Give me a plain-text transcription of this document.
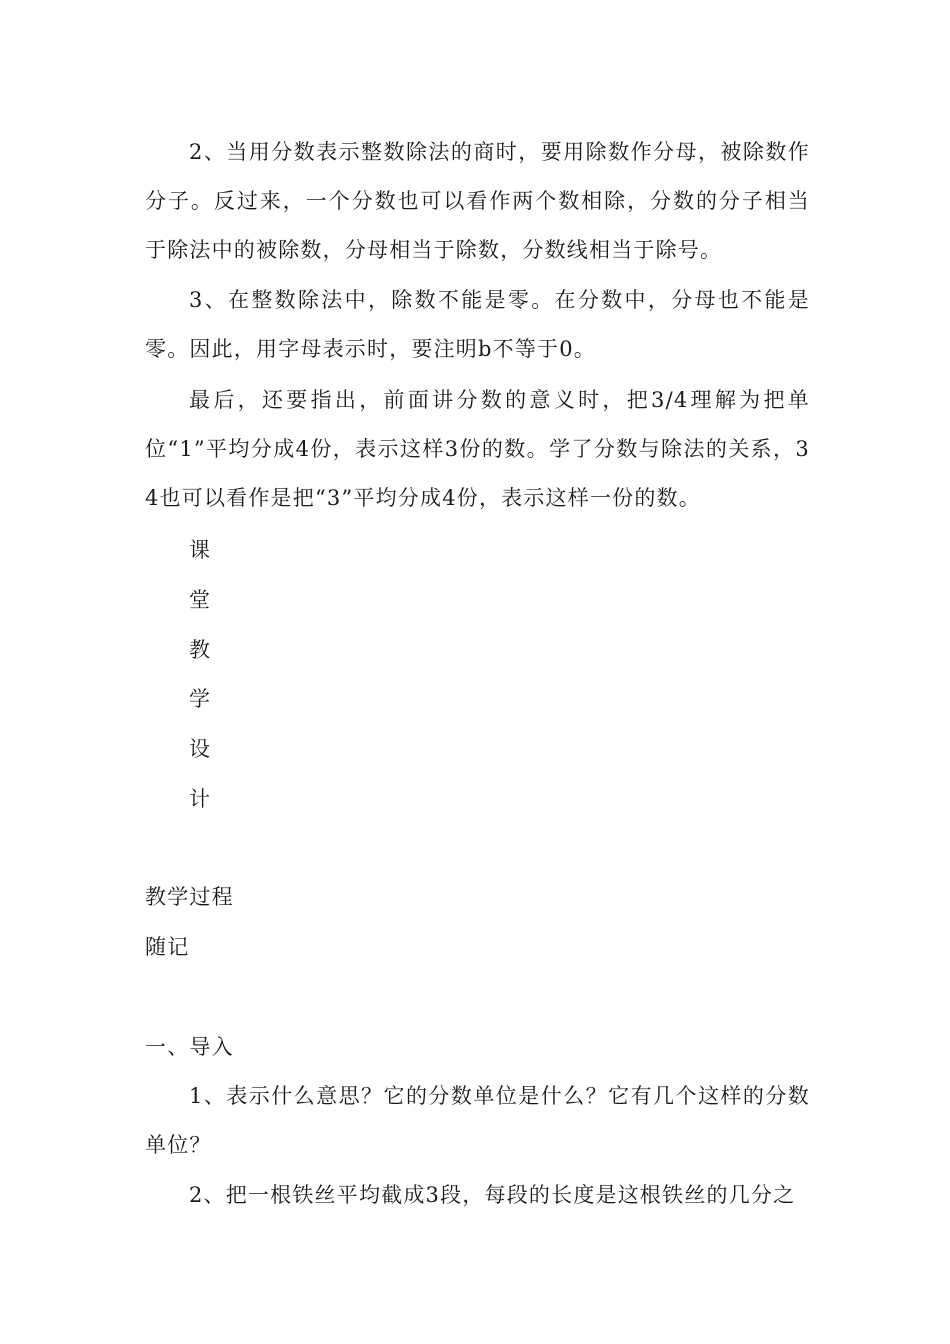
2、当用分数表示整数除法的商时，要用除数作分母，被除数作分子。反过来，一个分数也可以看作两个数相除，分数的分子相当于除法中的被除数，分母相当于除数，分数线相当于除号。

3、在整数除法中，除数不能是零。在分数中，分母也不能是零。因此，用字母表示时，要注明b不等于0。

最后，还要指出，前面讲分数的意义时，把3/4理解为把单位“1”平均分成4份，表示这样3份的数。学了分数与除法的关系，34也可以看作是把“3”平均分成4份，表示这样一份的数。

课

堂

教

学

设

计

教学过程

随记

一、导入

1、表示什么意思？它的分数单位是什么？它有几个这样的分数单位？

2、把一根铁丝平均截成3段，每段的长度是这根铁丝的几分之
